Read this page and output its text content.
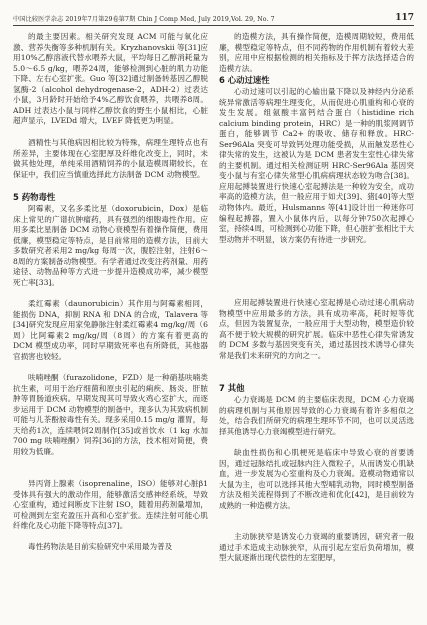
中国比较医学杂志 2019年7月第29卷第7期 Chin J Comp Med, July 2019,Vol. 29, No. 7	117

的最主要因素。相关研究发现 ACM 可能与氧化应激、营养失衡等多种机制有关。Kryzhanovskii 等[31]应用10%乙醇溶液代替水喂养大鼠，平均每日乙醇消耗量为5.0～6.5 g/kg，喂养24周，能够检测到心脏的肌力功能下降、左右心室扩张。Guo 等[32]通过制备转基因乙醇脱氢酶-2（alcohol dehydrogenase-2，ADH-2）过表达小鼠，3月龄时开始给予4%乙醇饮食喂养，共喂养8周。ADH 过表达小鼠与同样乙醇饮食的野生小鼠相比，心脏超声显示，LVEDd 增大，LVEF 降低更为明显。

酒精性与其他病因相比较为特殊，病理生理特点也有所差异，主要体现在心室肥厚及纤维化改变上，同时，未做其他处理，单纯采用酒精饲养的小鼠造模周期较长，在保证中，我们应当慎重选择此方法制备 DCM 动物模型。

5 药物毒性

阿霉素，又名多柔比星（doxorubicin，Dox）是临床上常见的广谱抗肿瘤药，具有强烈的细胞毒性作用。应用多柔比星制备 DCM 动物心衰模型有着操作简便，费用低廉，模型稳定等特点，是目前常用的造模方法，目前大多数研究者采用2 mg/kg 每周一次，腹腔注射，注射6～8周的方案制备动物模型。有学者通过改变注药剂量、用药途径、动物品种等方式进一步提升造模成功率，减少模型死亡率[33]。

柔红霉素（daunorubicin）其作用与阿霉素相同，能损伤 DNA，抑制 RNA 和 DNA 的合成，Talavera 等[34]研究发现应用家兔静脉注射柔红霉素4 mg/kg/周（6周）比阿霉素2 mg/kg/周（8周）的方案有着更高的 DCM 模型成功率，同时早期致死率也有所降低，其他器官损害也较轻。

呋喃唑酮（furazolidone，FZD）是一种硝基呋喃类抗生素，可用于治疗细菌和原虫引起的痢疾、肠炎、肝脓肿等胃肠道疾病。早期发现其可导致火鸡心室扩大，而逐步运用于 DCM 动物模型的制备中，现多认为其致病机制可能与儿茶酚胺毒性有关。现多采用0.15 mg/g 灌胃，每天给药1次，连续喂饲2周制作[35]或首饮水（1 kg 水加700 mg 呋喃唑酮）饲养[36]的方法，技术相对简便，费用较为低廉。

异丙肾上腺素（isoprenaline，ISO）能够对心脏β1受体具有强大的激动作用，能够激活交感神经系统，导致心室重构，通过间断皮下注射 ISO，随着用药剂量增加，可检测到左室充盈压升高和心室扩张。连续注射可能心肌纤维化及心功能下降等特点[37]。

毒性药物法是目前实验研究中采用最为普及

的造模方法，具有操作简便，造模周期较短，费用低廉，模型稳定等特点，但不同药物的作用机制有着较大差别，应用中应根据检测的相关指标及于挥方法选择适合的造模方法。

6 心动过速性

心动过速可以引起的心输出量下降以及神经内分泌系统异常激活等病理生理变化，从而促进心肌重构和心衰的发生发展。组氨酸丰富钙结合蛋白（histidine rich calcium binding protein，HRC）是一种的肌浆网调节蛋白，能够调节 Ca2+ 的吸收、储存和释放。HRC-Ser96Ala 突变可导致钙处理功能受损，从而触发恶性心律失常的发生，这被认为是 DCM 患者发生室性心律失常的主要机制。通过相关检测证明 HRC-Ser96Ala 基因突变小鼠与有室心律失常型心肌病病理状态较为吻合[38]。应用起搏装置进行快速心室起搏法是一种较为安全，成功率高的造模方法，但一般应用于如犬[39]、猪[40]等大型动物体内。最近，Hulsmanns 等[41]设计出一种迷你可编程起搏器，置入小鼠体内后，以每分钟750次起搏心室，持续4周，可检测到心功能下降，但心脏扩张相比于大型动物并不明显，该方案仍有待进一步研究。

应用起搏装置进行快速心室起搏是心动过速心肌病动物模型中应用最多的方法，具有成功率高，耗时短等优点，但因为装置复杂，一般应用于大型动物，模型造价较高不便于较大规模的研究扩展。临床中恶性心律失常诱发的 DCM 多数与基因突变有关，通过基因技术诱导心律失常是我们未来研究的方向之一。

7 其他

心力衰竭是 DCM 的主要临床表现，DCM 心力衰竭的病理机制与其他原因导致的心力衰竭有着许多相似之处，结合我们所研究的病理生理环节不同，也可以灵活选择其他诱导心力衰竭模型进行研究。

缺血性损伤和心肌梗死是临床中导致心衰的首要诱因，通过冠脉结扎或冠脉内注入微粒子，从而诱发心肌缺血，进一步发展为心室重构及心力衰竭。造模动物通常以大鼠为主，也可以选择其他大型哺乳动物，同时模型制备方法及相关流程得到了不断改进和优化[42]，是目前较为成熟的一种造模方法。

主动脉狭窄是诱发心力衰竭的重要诱因，研究者一般通过手术造成主动脉狭窄，从而引起左室后负荷增加，模型大鼠逐渐出现代偿性的左室肥厚，
